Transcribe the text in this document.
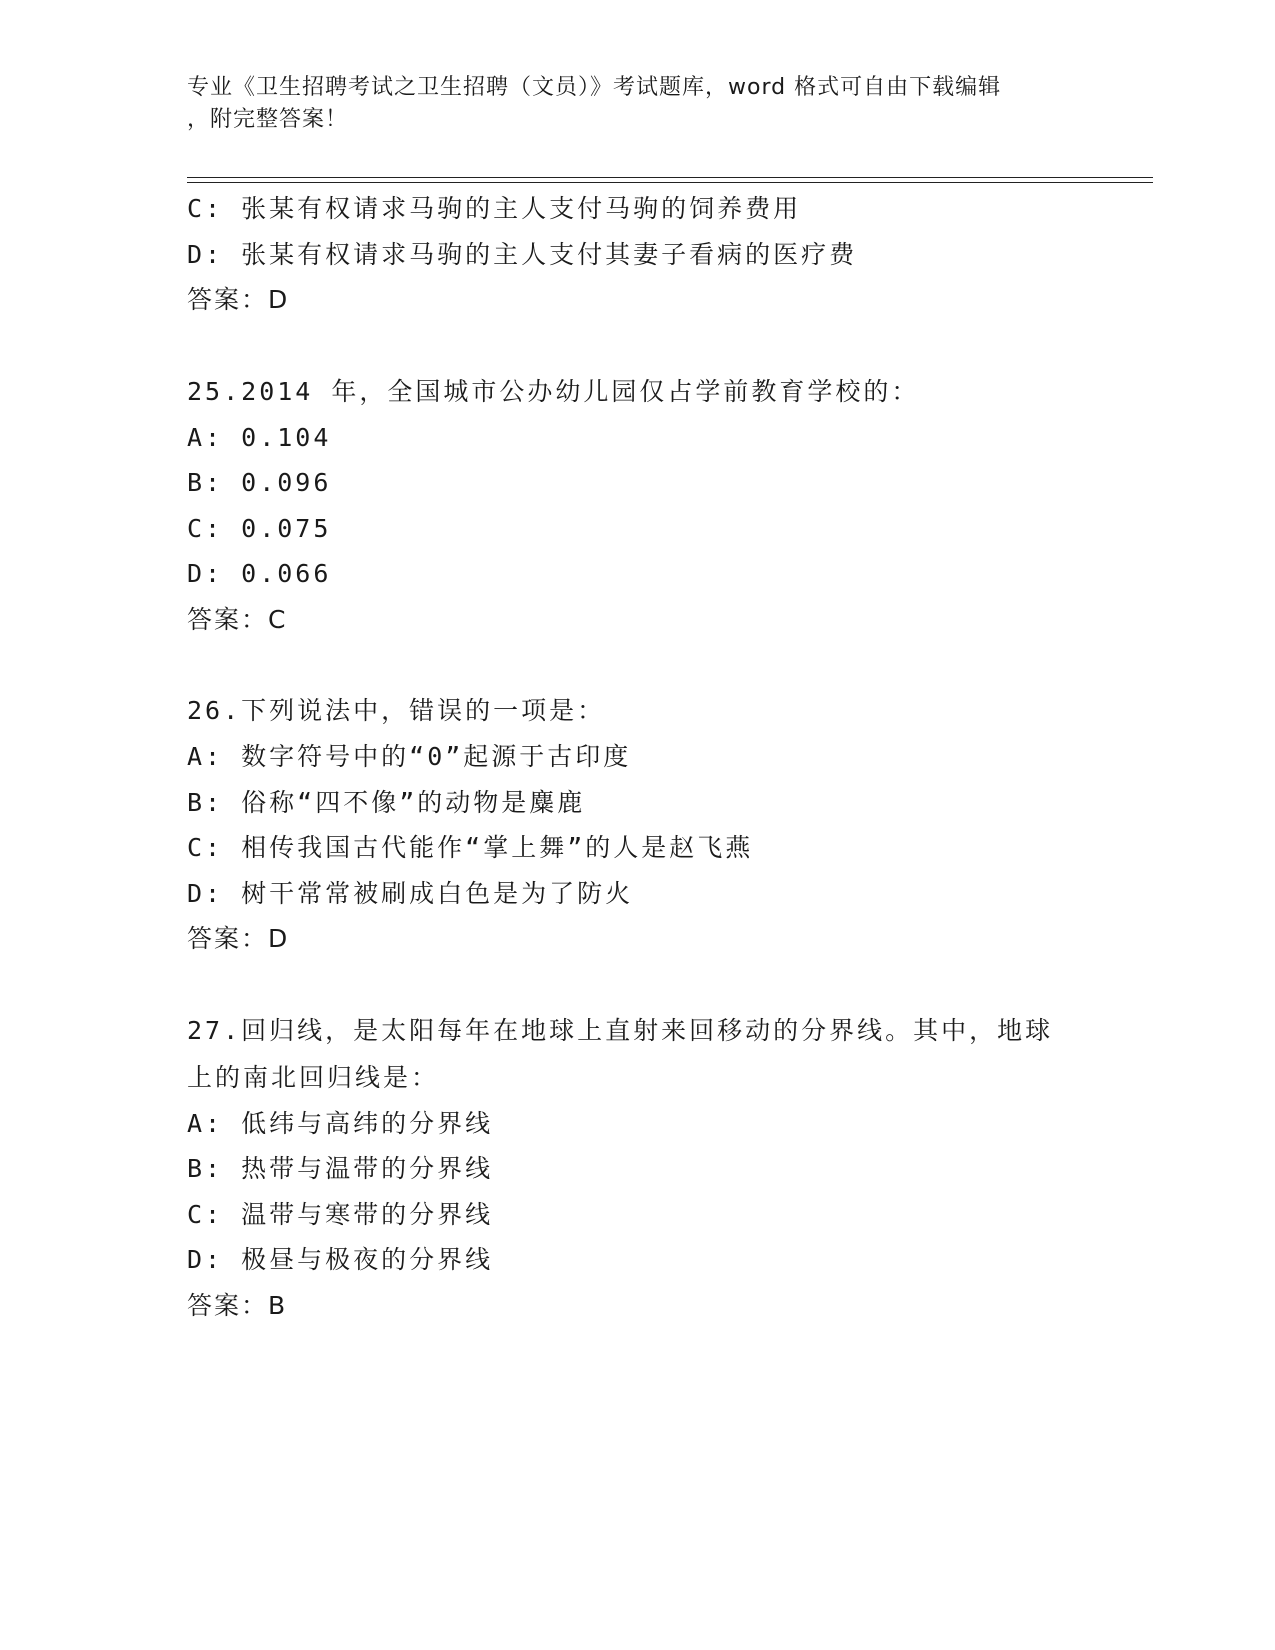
专业《卫生招聘考试之卫生招聘（文员）》考试题库，word 格式可自由下载编辑
，附完整答案！
C: 张某有权请求马驹的主人支付马驹的饲养费用
D: 张某有权请求马驹的主人支付其妻子看病的医疗费
答案：D
25.2014 年，全国城市公办幼儿园仅占学前教育学校的：
A: 0.104
B: 0.096
C: 0.075
D: 0.066
答案：C
26.下列说法中，错误的一项是：
A: 数字符号中的“0”起源于古印度
B: 俗称“四不像”的动物是麋鹿
C: 相传我国古代能作“掌上舞”的人是赵飞燕
D: 树干常常被刷成白色是为了防火
答案：D
27.回归线，是太阳每年在地球上直射来回移动的分界线。其中，地球上的南北回归线是：
A: 低纬与高纬的分界线
B: 热带与温带的分界线
C: 温带与寒带的分界线
D: 极昼与极夜的分界线
答案：B
